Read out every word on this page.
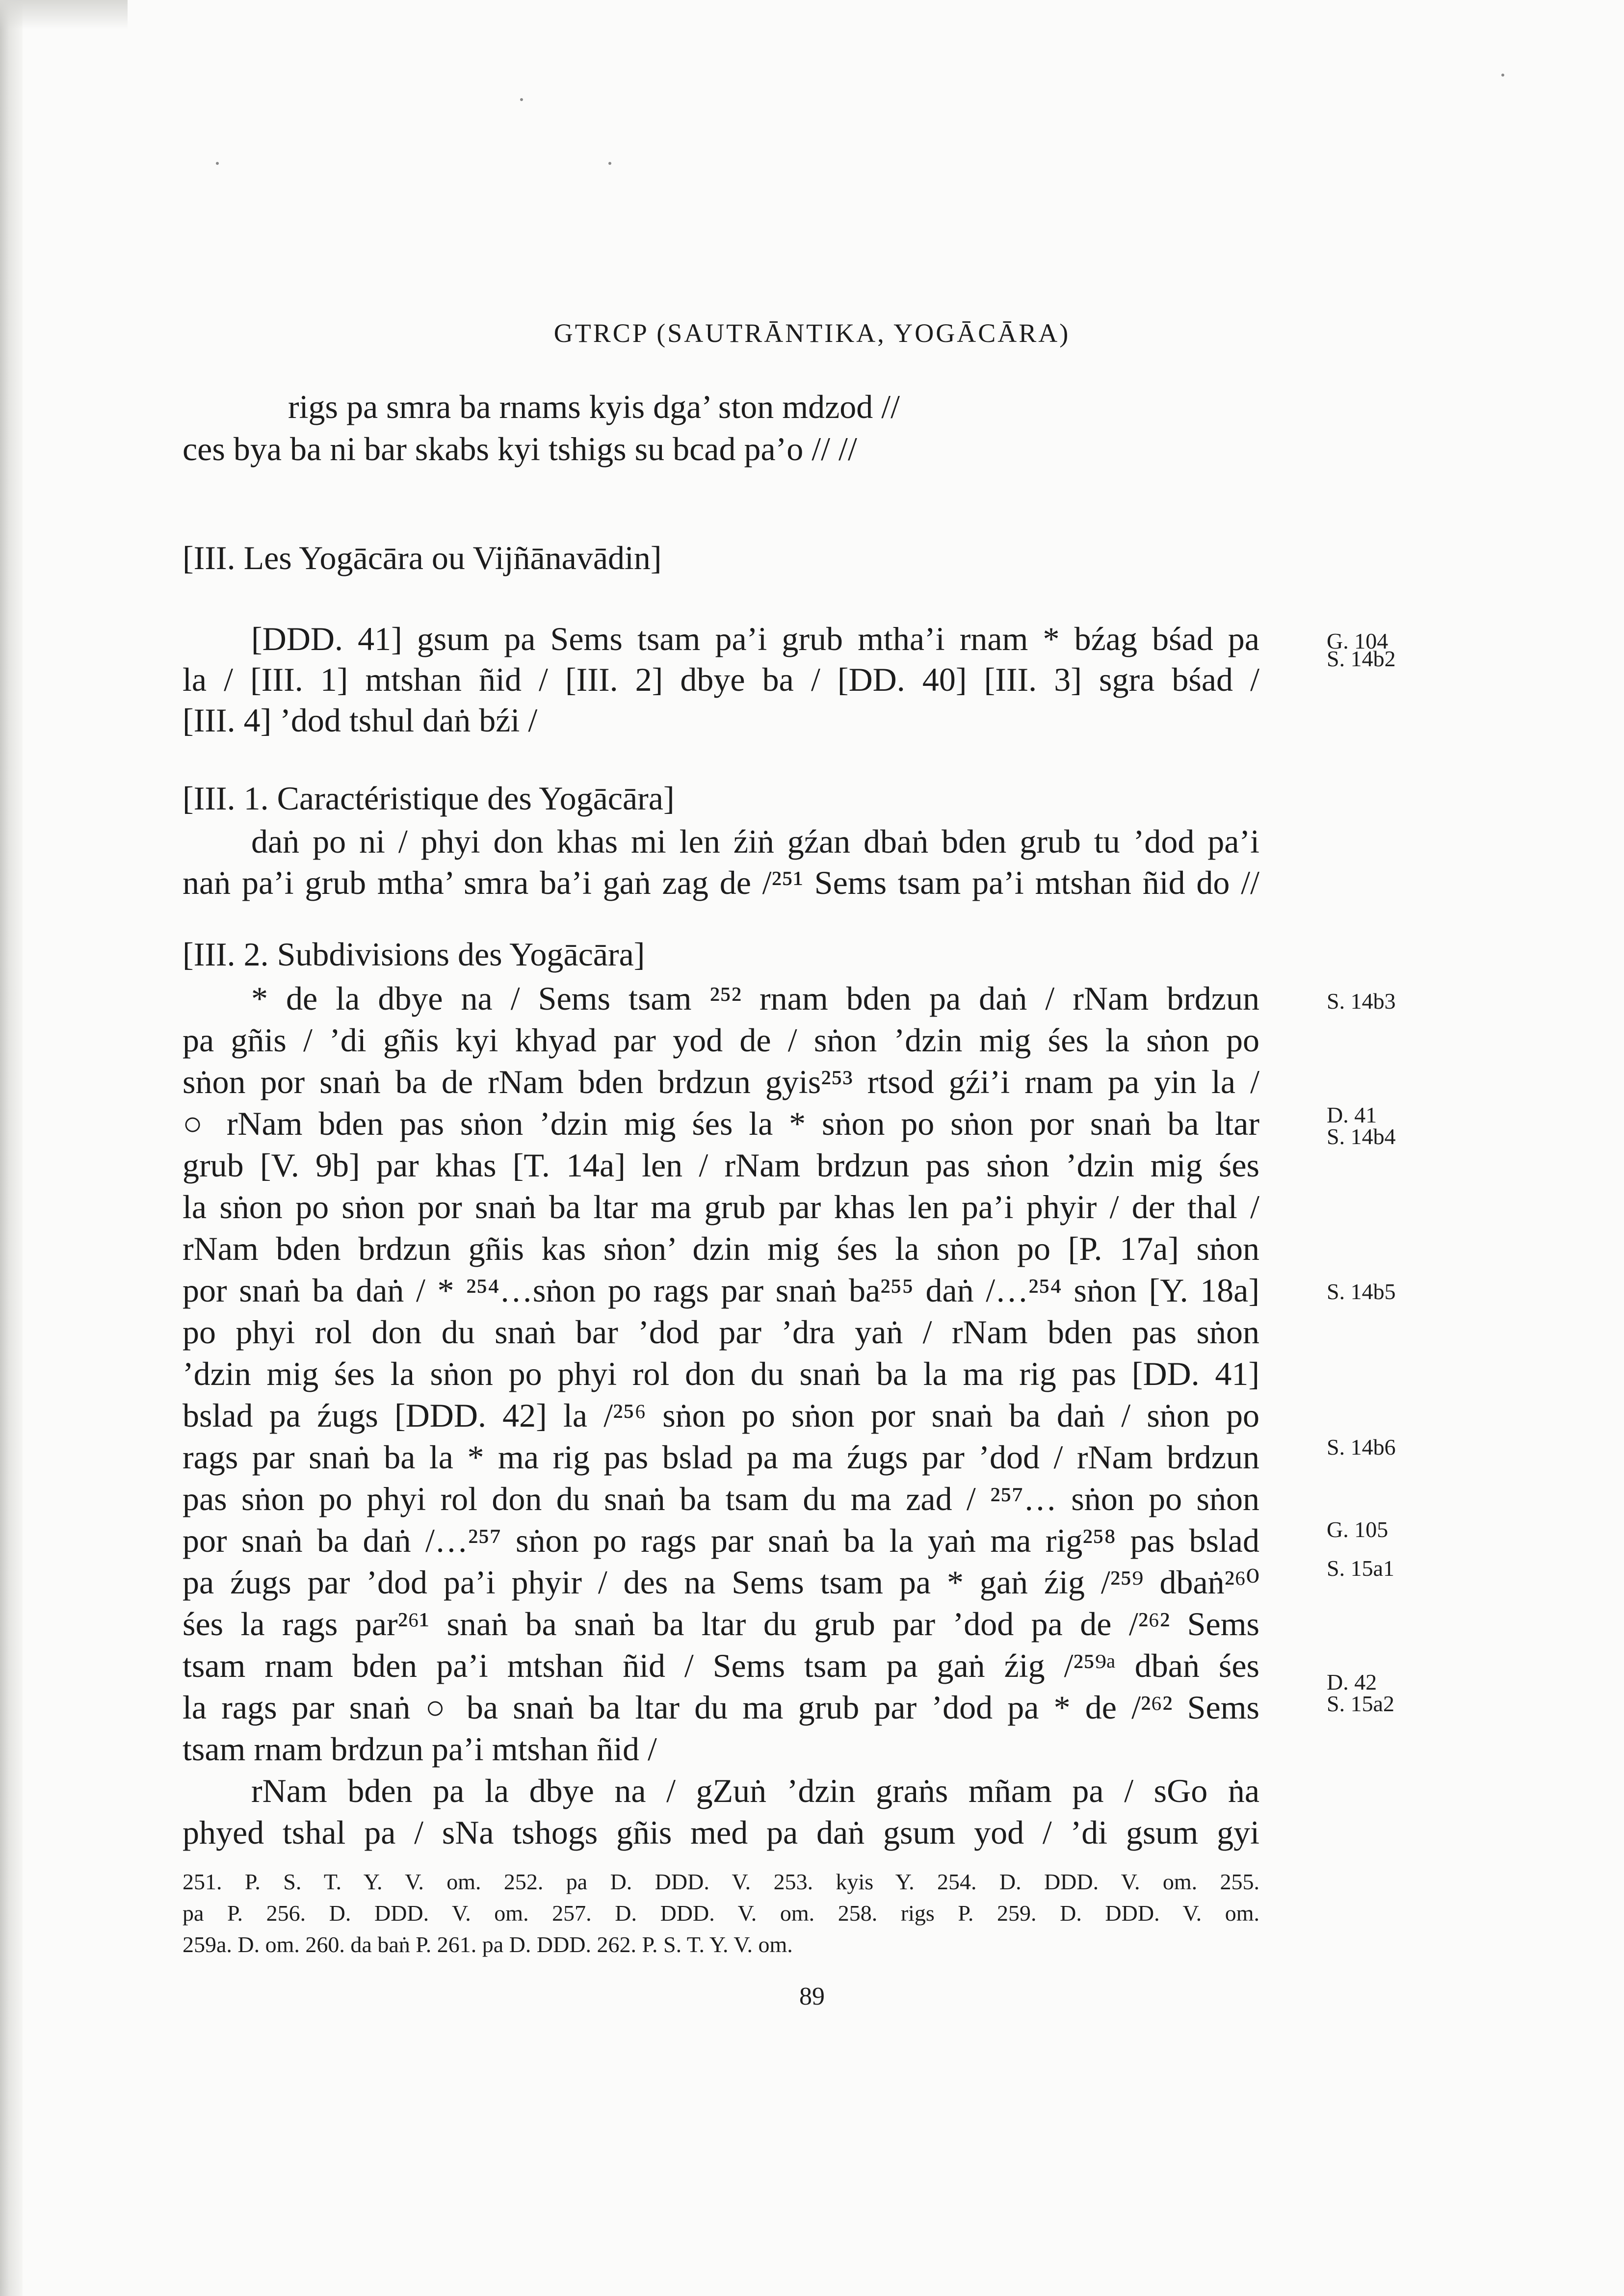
GTRCP (SAUTRĀNTIKA, YOGĀCĀRA)
rigs pa smra ba rnams kyis dga’ ston mdzod //
ces bya ba ni bar skabs kyi tshigs su bcad pa’o // //
[III. Les Yogācāra ou Vijñānavādin]
[DDD. 41] gsum pa Sems tsam pa’i grub mtha’i rnam * bźag bśad pa
la / [III. 1] mtshan ñid / [III. 2] dbye ba / [DD. 40] [III. 3] sgra bśad /
[III. 4] ’dod tshul daṅ bźi /
[III. 1. Caractéristique des Yogācāra]
daṅ po ni / phyi don khas mi len źiṅ gźan dbaṅ bden grub tu ’dod pa’i
naṅ pa’i grub mtha’ smra ba’i gaṅ zag de /²⁵¹ Sems tsam pa’i mtshan ñid do //
[III. 2. Subdivisions des Yogācāra]
* de la dbye na / Sems tsam ²⁵² rnam bden pa daṅ / rNam brdzun
pa gñis / ’di gñis kyi khyad par yod de / sṅon ’dzin mig śes la sṅon po
sṅon por snaṅ ba de rNam bden brdzun gyis²⁵³ rtsod gźi’i rnam pa yin la /
○ rNam bden pas sṅon ’dzin mig śes la * sṅon po sṅon por snaṅ ba ltar
grub [V. 9b] par khas [T. 14a] len / rNam brdzun pas sṅon ’dzin mig śes
la sṅon po sṅon por snaṅ ba ltar ma grub par khas len pa’i phyir / der thal /
rNam bden brdzun gñis kas sṅon’ dzin mig śes la sṅon po [P. 17a] sṅon
por snaṅ ba daṅ / * ²⁵⁴…sṅon po rags par snaṅ ba²⁵⁵ daṅ /…²⁵⁴ sṅon [Y. 18a]
po phyi rol don du snaṅ bar ’dod par ’dra yaṅ / rNam bden pas sṅon
’dzin mig śes la sṅon po phyi rol don du snaṅ ba la ma rig pas [DD. 41]
bslad pa źugs [DDD. 42] la /²⁵⁶ sṅon po sṅon por snaṅ ba daṅ / sṅon po
rags par snaṅ ba la * ma rig pas bslad pa ma źugs par ’dod / rNam brdzun
pas sṅon po phyi rol don du snaṅ ba tsam du ma zad / ²⁵⁷… sṅon po sṅon
por snaṅ ba daṅ /…²⁵⁷ sṅon po rags par snaṅ ba la yaṅ ma rig²⁵⁸ pas bslad
pa źugs par ’dod pa’i phyir / des na Sems tsam pa * gaṅ źig /²⁵⁹ dbaṅ²⁶⁰
śes la rags par²⁶¹ snaṅ ba snaṅ ba ltar du grub par ’dod pa de /²⁶² Sems
tsam rnam bden pa’i mtshan ñid / Sems tsam pa gaṅ źig /²⁵⁹ᵃ dbaṅ śes
la rags par snaṅ ○ ba snaṅ ba ltar du ma grub par ’dod pa * de /²⁶² Sems
tsam rnam brdzun pa’i mtshan ñid /
rNam bden pa la dbye na / gZuṅ ’dzin graṅs mñam pa / sGo ṅa
phyed tshal pa / sNa tshogs gñis med pa daṅ gsum yod / ’di gsum gyi
G. 104
S. 14b2
S. 14b3
D. 41
S. 14b4
S. 14b5
S. 14b6
G. 105
S. 15a1
D. 42
S. 15a2
251. P. S. T. Y. V. om. 252. pa D. DDD. V. 253. kyis Y. 254. D. DDD. V. om. 255.
pa P. 256. D. DDD. V. om. 257. D. DDD. V. om. 258. rigs P. 259. D. DDD. V. om.
259a. D. om. 260. da baṅ P. 261. pa D. DDD. 262. P. S. T. Y. V. om.
89
